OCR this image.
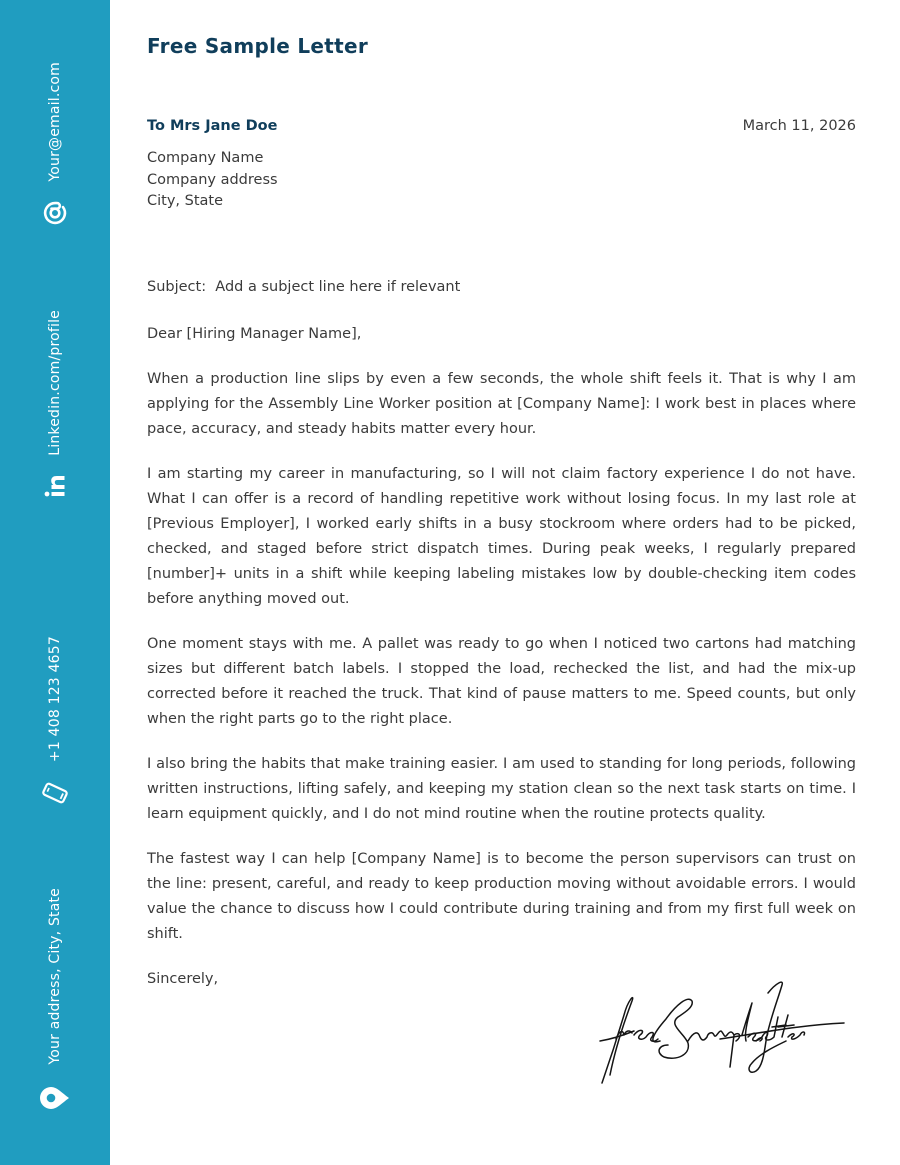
Your@email.com
Linkedin.com/profile
+1 408 123 4657
Your address, City, State
Free Sample Letter
To Mrs Jane Doe	March 11, 2026
Company Name
Company address
City, State
Subject:  Add a subject line here if relevant

Dear [Hiring Manager Name],

When a production line slips by even a few seconds, the whole shift feels it. That is why I am applying for the Assembly Line Worker position at [Company Name]: I work best in places where pace, accuracy, and steady habits matter every hour.

I am starting my career in manufacturing, so I will not claim factory experience I do not have. What I can offer is a record of handling repetitive work without losing focus. In my last role at [Previous Employer], I worked early shifts in a busy stockroom where orders had to be picked, checked, and staged before strict dispatch times. During peak weeks, I regularly prepared [number]+ units in a shift while keeping labeling mistakes low by double-checking item codes before anything moved out.

One moment stays with me. A pallet was ready to go when I noticed two cartons had matching sizes but different batch labels. I stopped the load, rechecked the list, and had the mix-up corrected before it reached the truck. That kind of pause matters to me. Speed counts, but only when the right parts go to the right place.

I also bring the habits that make training easier. I am used to standing for long periods, following written instructions, lifting safely, and keeping my station clean so the next task starts on time. I learn equipment quickly, and I do not mind routine when the routine protects quality.

The fastest way I can help [Company Name] is to become the person supervisors can trust on the line: present, careful, and ready to keep production moving without avoidable errors. I would value the chance to discuss how I could contribute during training and from my first full week on shift.

Sincerely,
